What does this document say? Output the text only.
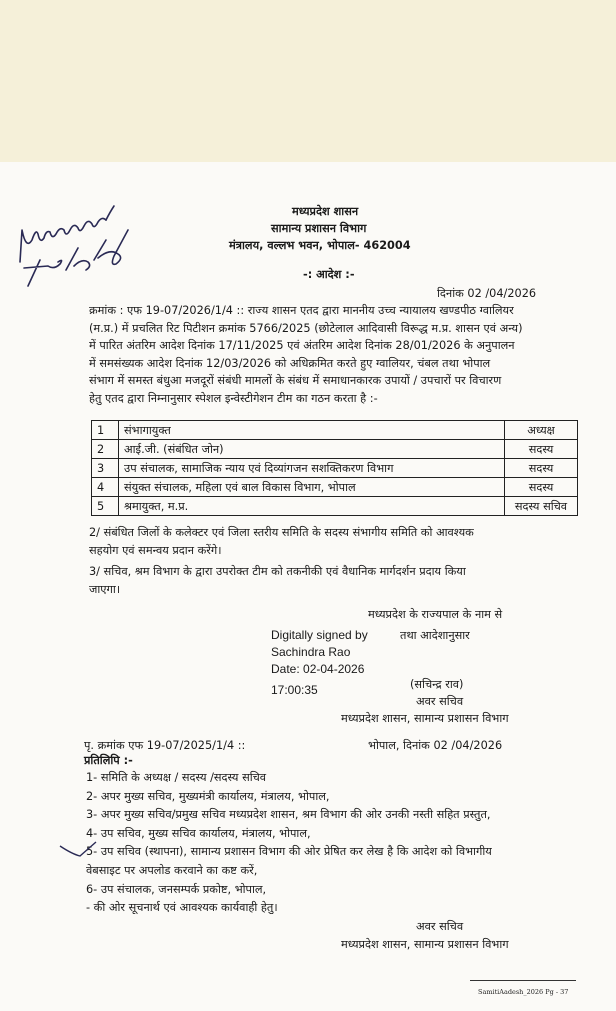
मध्यप्रदेश शासन
सामान्य प्रशासन विभाग
मंत्रालय, वल्लभ भवन, भोपाल- 462004
-: आदेश :-
दिनांक 02 /04/2026
क्रमांक : एफ 19-07/2026/1/4 :: राज्य शासन एतद द्वारा माननीय उच्च न्यायालय खण्डपीठ ग्वालियर
(म.प्र.) में प्रचलित रिट पिटीशन क्रमांक 5766/2025 (छोटेलाल आदिवासी विरूद्ध म.प्र. शासन एवं अन्य)
में पारित अंतरिम आदेश दिनांक 17/11/2025 एवं अंतरिम आदेश दिनांक 28/01/2026 के अनुपालन
में समसंख्यक आदेश दिनांक 12/03/2026 को अधिक्रमित करते हुए ग्वालियर, चंबल तथा भोपाल
संभाग में समस्त बंधुआ मजदूरों संबंधी मामलों के संबंध में समाधानकारक उपायों / उपचारों पर विचारण
हेतु एतद द्वारा निम्नानुसार स्पेशल इन्वेस्टीगेशन टीम का गठन करता है :-
1	संभागायुक्त	अध्यक्ष
2	आई.जी. (संबंधित जोन)	सदस्य
3	उप संचालक, सामाजिक न्याय एवं दिव्यांगजन सशक्तिकरण विभाग	सदस्य
4	संयुक्त संचालक, महिला एवं बाल विकास विभाग, भोपाल	सदस्य
5	श्रमायुक्त, म.प्र.	सदस्य सचिव
2/ संबंधित जिलों के कलेक्टर एवं जिला स्तरीय समिति के सदस्य संभागीय समिति को आवश्यक
सहयोग एवं समन्वय प्रदान करेंगे।
3/ सचिव, श्रम विभाग के द्वारा उपरोक्त टीम को तकनीकी एवं वैधानिक मार्गदर्शन प्रदाय किया
जाएगा।
मध्यप्रदेश के राज्यपाल के नाम से
तथा आदेशानुसार
Digitally signed by
Sachindra Rao
Date: 02-04-2026
17:00:35	(सचिन्द्र राव)
अवर सचिव
मध्यप्रदेश शासन, सामान्य प्रशासन विभाग
पृ. क्रमांक एफ 19-07/2025/1/4 ::	भोपाल, दिनांक 02 /04/2026
प्रतिलिपि :-
1- समिति के अध्यक्ष / सदस्य /सदस्य सचिव
2- अपर मुख्य सचिव, मुख्यमंत्री कार्यालय, मंत्रालय, भोपाल,
3- अपर मुख्य सचिव/प्रमुख सचिव मध्यप्रदेश शासन, श्रम विभाग की ओर उनकी नस्ती सहित प्रस्तुत,
4- उप सचिव, मुख्य सचिव कार्यालय, मंत्रालय, भोपाल,
5- उप सचिव (स्थापना), सामान्य प्रशासन विभाग की ओर प्रेषित कर लेख है कि आदेश को विभागीय
वेबसाइट पर अपलोड करवाने का कष्ट करें,
6- उप संचालक, जनसम्पर्क प्रकोष्ट, भोपाल,
- की ओर सूचनार्थ एवं आवश्यक कार्यवाही हेतु।
अवर सचिव
मध्यप्रदेश शासन, सामान्य प्रशासन विभाग
SamitiAadesh_2026 Pg - 37
